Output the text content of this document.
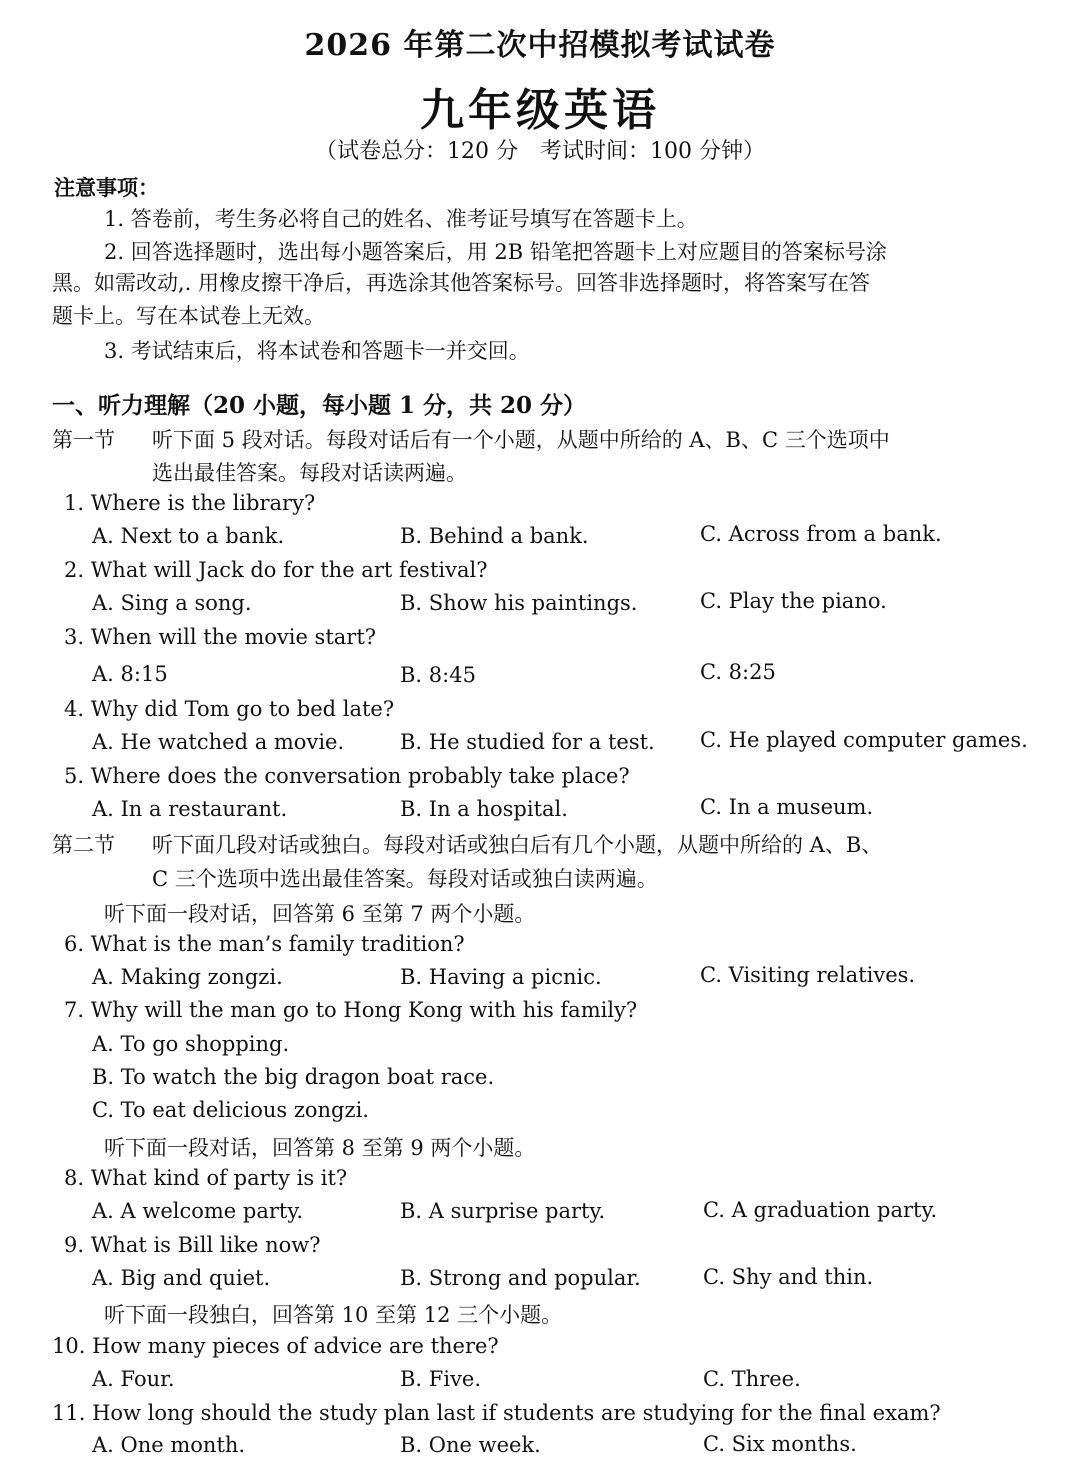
2026 年第二次中招模拟考试试卷
九年级英语
（试卷总分：120 分　考试时间：100 分钟）
注意事项：
1. 答卷前，考生务必将自己的姓名、准考证号填写在答题卡上。
2. 回答选择题时，选出每小题答案后，用 2B 铅笔把答题卡上对应题目的答案标号涂
黑。如需改动,. 用橡皮擦干净后，再选涂其他答案标号。回答非选择题时，将答案写在答
题卡上。写在本试卷上无效。
3. 考试结束后，将本试卷和答题卡一并交回。
一、听力理解（20 小题，每小题 1 分，共 20 分）
第一节 听下面 5 段对话。每段对话后有一个小题，从题中所给的 A、B、C 三个选项中
选出最佳答案。每段对话读两遍。
1. Where is the library?
A. Next to a bank.	B. Behind a bank.	C. Across from a bank.
2. What will Jack do for the art festival?
A. Sing a song.	B. Show his paintings.	C. Play the piano.
3. When will the movie start?
A. 8:15	B. 8:45	C. 8:25
4. Why did Tom go to bed late?
A. He watched a movie.	B. He studied for a test. C. He played computer games.
5. Where does the conversation probably take place?
A. In a restaurant.	B. In a hospital.	C. In a museum.
第二节 听下面几段对话或独白。每段对话或独白后有几个小题，从题中所给的 A、B、
C 三个选项中选出最佳答案。每段对话或独白读两遍。
听下面一段对话，回答第 6 至第 7 两个小题。
6. What is the man’s family tradition?
A. Making zongzi.	B. Having a picnic.	C. Visiting relatives.
7. Why will the man go to Hong Kong with his family?
A. To go shopping.
B. To watch the big dragon boat race.
C. To eat delicious zongzi.
听下面一段对话，回答第 8 至第 9 两个小题。
8. What kind of party is it?
A. A welcome party.	B. A surprise party.	C. A graduation party.
9. What is Bill like now?
A. Big and quiet.	B. Strong and popular.	C. Shy and thin.
听下面一段独白，回答第 10 至第 12 三个小题。
10. How many pieces of advice are there?
A. Four.	B. Five.	C. Three.
11. How long should the study plan last if students are studying for the final exam?
A. One month.	B. One week.	C. Six months.
